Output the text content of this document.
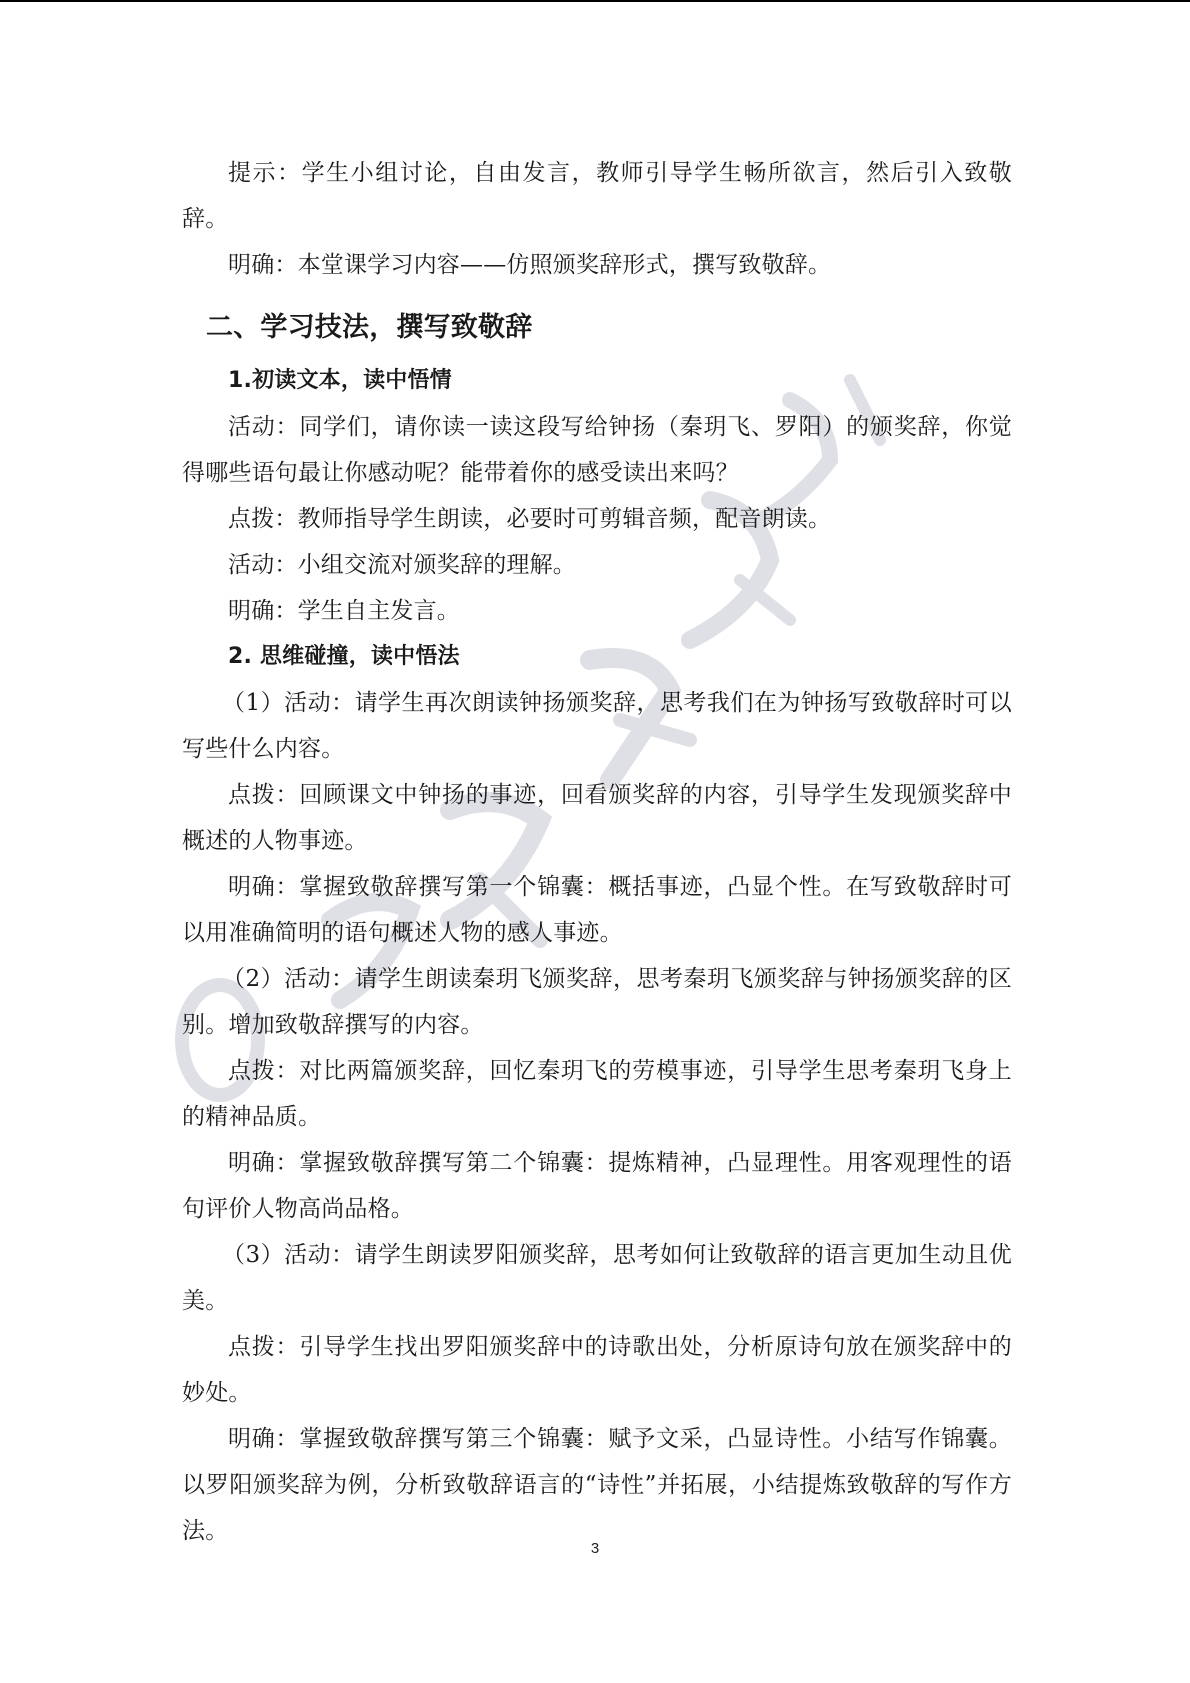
提示：学生小组讨论，自由发言，教师引导学生畅所欲言，然后引入致敬辞。

明确：本堂课学习内容——仿照颁奖辞形式，撰写致敬辞。

二、学习技法，撰写致敬辞
1.初读文本，读中悟情

活动：同学们，请你读一读这段写给钟扬（秦玥飞、罗阳）的颁奖辞，你觉得哪些语句最让你感动呢？能带着你的感受读出来吗？

点拨：教师指导学生朗读，必要时可剪辑音频，配音朗读。

活动：小组交流对颁奖辞的理解。

明确：学生自主发言。

2. 思维碰撞，读中悟法

（1）活动：请学生再次朗读钟扬颁奖辞，思考我们在为钟扬写致敬辞时可以写些什么内容。

点拨：回顾课文中钟扬的事迹，回看颁奖辞的内容，引导学生发现颁奖辞中概述的人物事迹。

明确：掌握致敬辞撰写第一个锦囊：概括事迹，凸显个性。在写致敬辞时可以用准确简明的语句概述人物的感人事迹。

（2）活动：请学生朗读秦玥飞颁奖辞，思考秦玥飞颁奖辞与钟扬颁奖辞的区别。增加致敬辞撰写的内容。

点拨：对比两篇颁奖辞，回忆秦玥飞的劳模事迹，引导学生思考秦玥飞身上的精神品质。

明确：掌握致敬辞撰写第二个锦囊：提炼精神，凸显理性。用客观理性的语句评价人物高尚品格。

（3）活动：请学生朗读罗阳颁奖辞，思考如何让致敬辞的语言更加生动且优美。

点拨：引导学生找出罗阳颁奖辞中的诗歌出处，分析原诗句放在颁奖辞中的妙处。

明确：掌握致敬辞撰写第三个锦囊：赋予文采，凸显诗性。小结写作锦囊。以罗阳颁奖辞为例，分析致敬辞语言的“诗性”并拓展，小结提炼致敬辞的写作方法。

3
